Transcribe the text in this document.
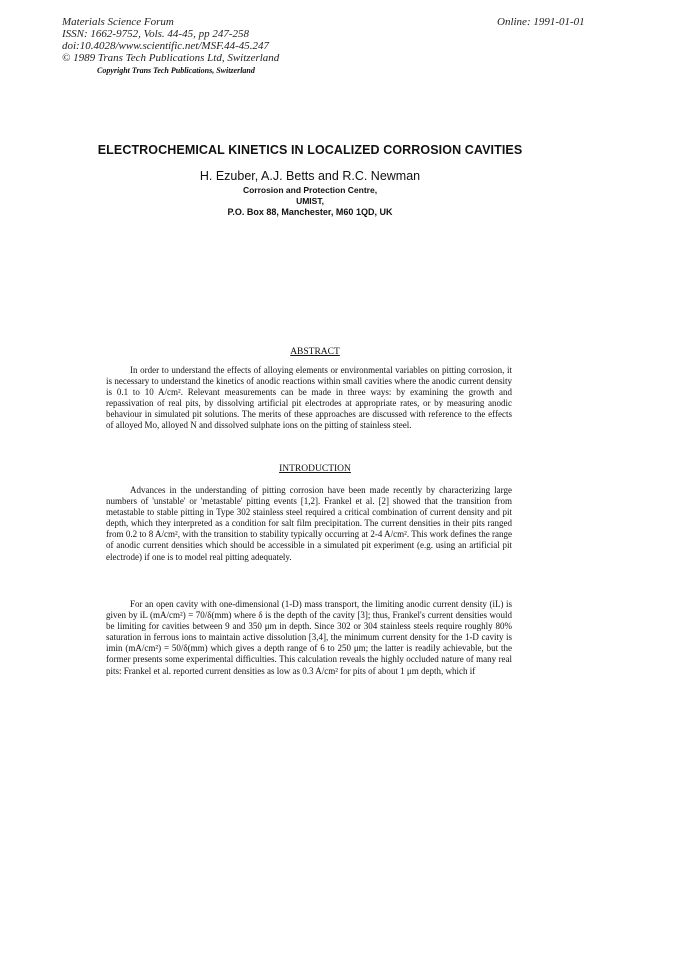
Materials Science Forum
ISSN: 1662-9752, Vols. 44-45, pp 247-258
doi:10.4028/www.scientific.net/MSF.44-45.247
© 1989 Trans Tech Publications Ltd, Switzerland
Online: 1991-01-01
Copyright Trans Tech Publications, Switzerland
ELECTROCHEMICAL KINETICS IN LOCALIZED CORROSION CAVITIES
H. Ezuber, A.J. Betts and R.C. Newman
Corrosion and Protection Centre,
UMIST,
P.O. Box 88, Manchester, M60 1QD, UK
ABSTRACT
In order to understand the effects of alloying elements or environmental variables on pitting corrosion, it is necessary to understand the kinetics of anodic reactions within small cavities where the anodic current density is 0.1 to 10 A/cm². Relevant measurements can be made in three ways: by examining the growth and repassivation of real pits, by dissolving artificial pit electrodes at appropriate rates, or by measuring anodic behaviour in simulated pit solutions. The merits of these approaches are discussed with reference to the effects of alloyed Mo, alloyed N and dissolved sulphate ions on the pitting of stainless steel.
INTRODUCTION
Advances in the understanding of pitting corrosion have been made recently by characterizing large numbers of 'unstable' or 'metastable' pitting events [1,2]. Frankel et al. [2] showed that the transition from metastable to stable pitting in Type 302 stainless steel required a critical combination of current density and pit depth, which they interpreted as a condition for salt film precipitation. The current densities in their pits ranged from 0.2 to 8 A/cm², with the transition to stability typically occurring at 2-4 A/cm². This work defines the range of anodic current densities which should be accessible in a simulated pit experiment (e.g. using an artificial pit electrode) if one is to model real pitting adequately.
For an open cavity with one-dimensional (1-D) mass transport, the limiting anodic current density (iL) is given by iL (mA/cm²) = 70/δ(mm) where δ is the depth of the cavity [3]; thus, Frankel's current densities would be limiting for cavities between 9 and 350 μm in depth. Since 302 or 304 stainless steels require roughly 80% saturation in ferrous ions to maintain active dissolution [3,4], the minimum current density for the 1-D cavity is imin (mA/cm²) = 50/δ(mm) which gives a depth range of 6 to 250 μm; the latter is readily achievable, but the former presents some experimental difficulties. This calculation reveals the highly occluded nature of many real pits: Frankel et al. reported current densities as low as 0.3 A/cm² for pits of about 1 μm depth, which if
